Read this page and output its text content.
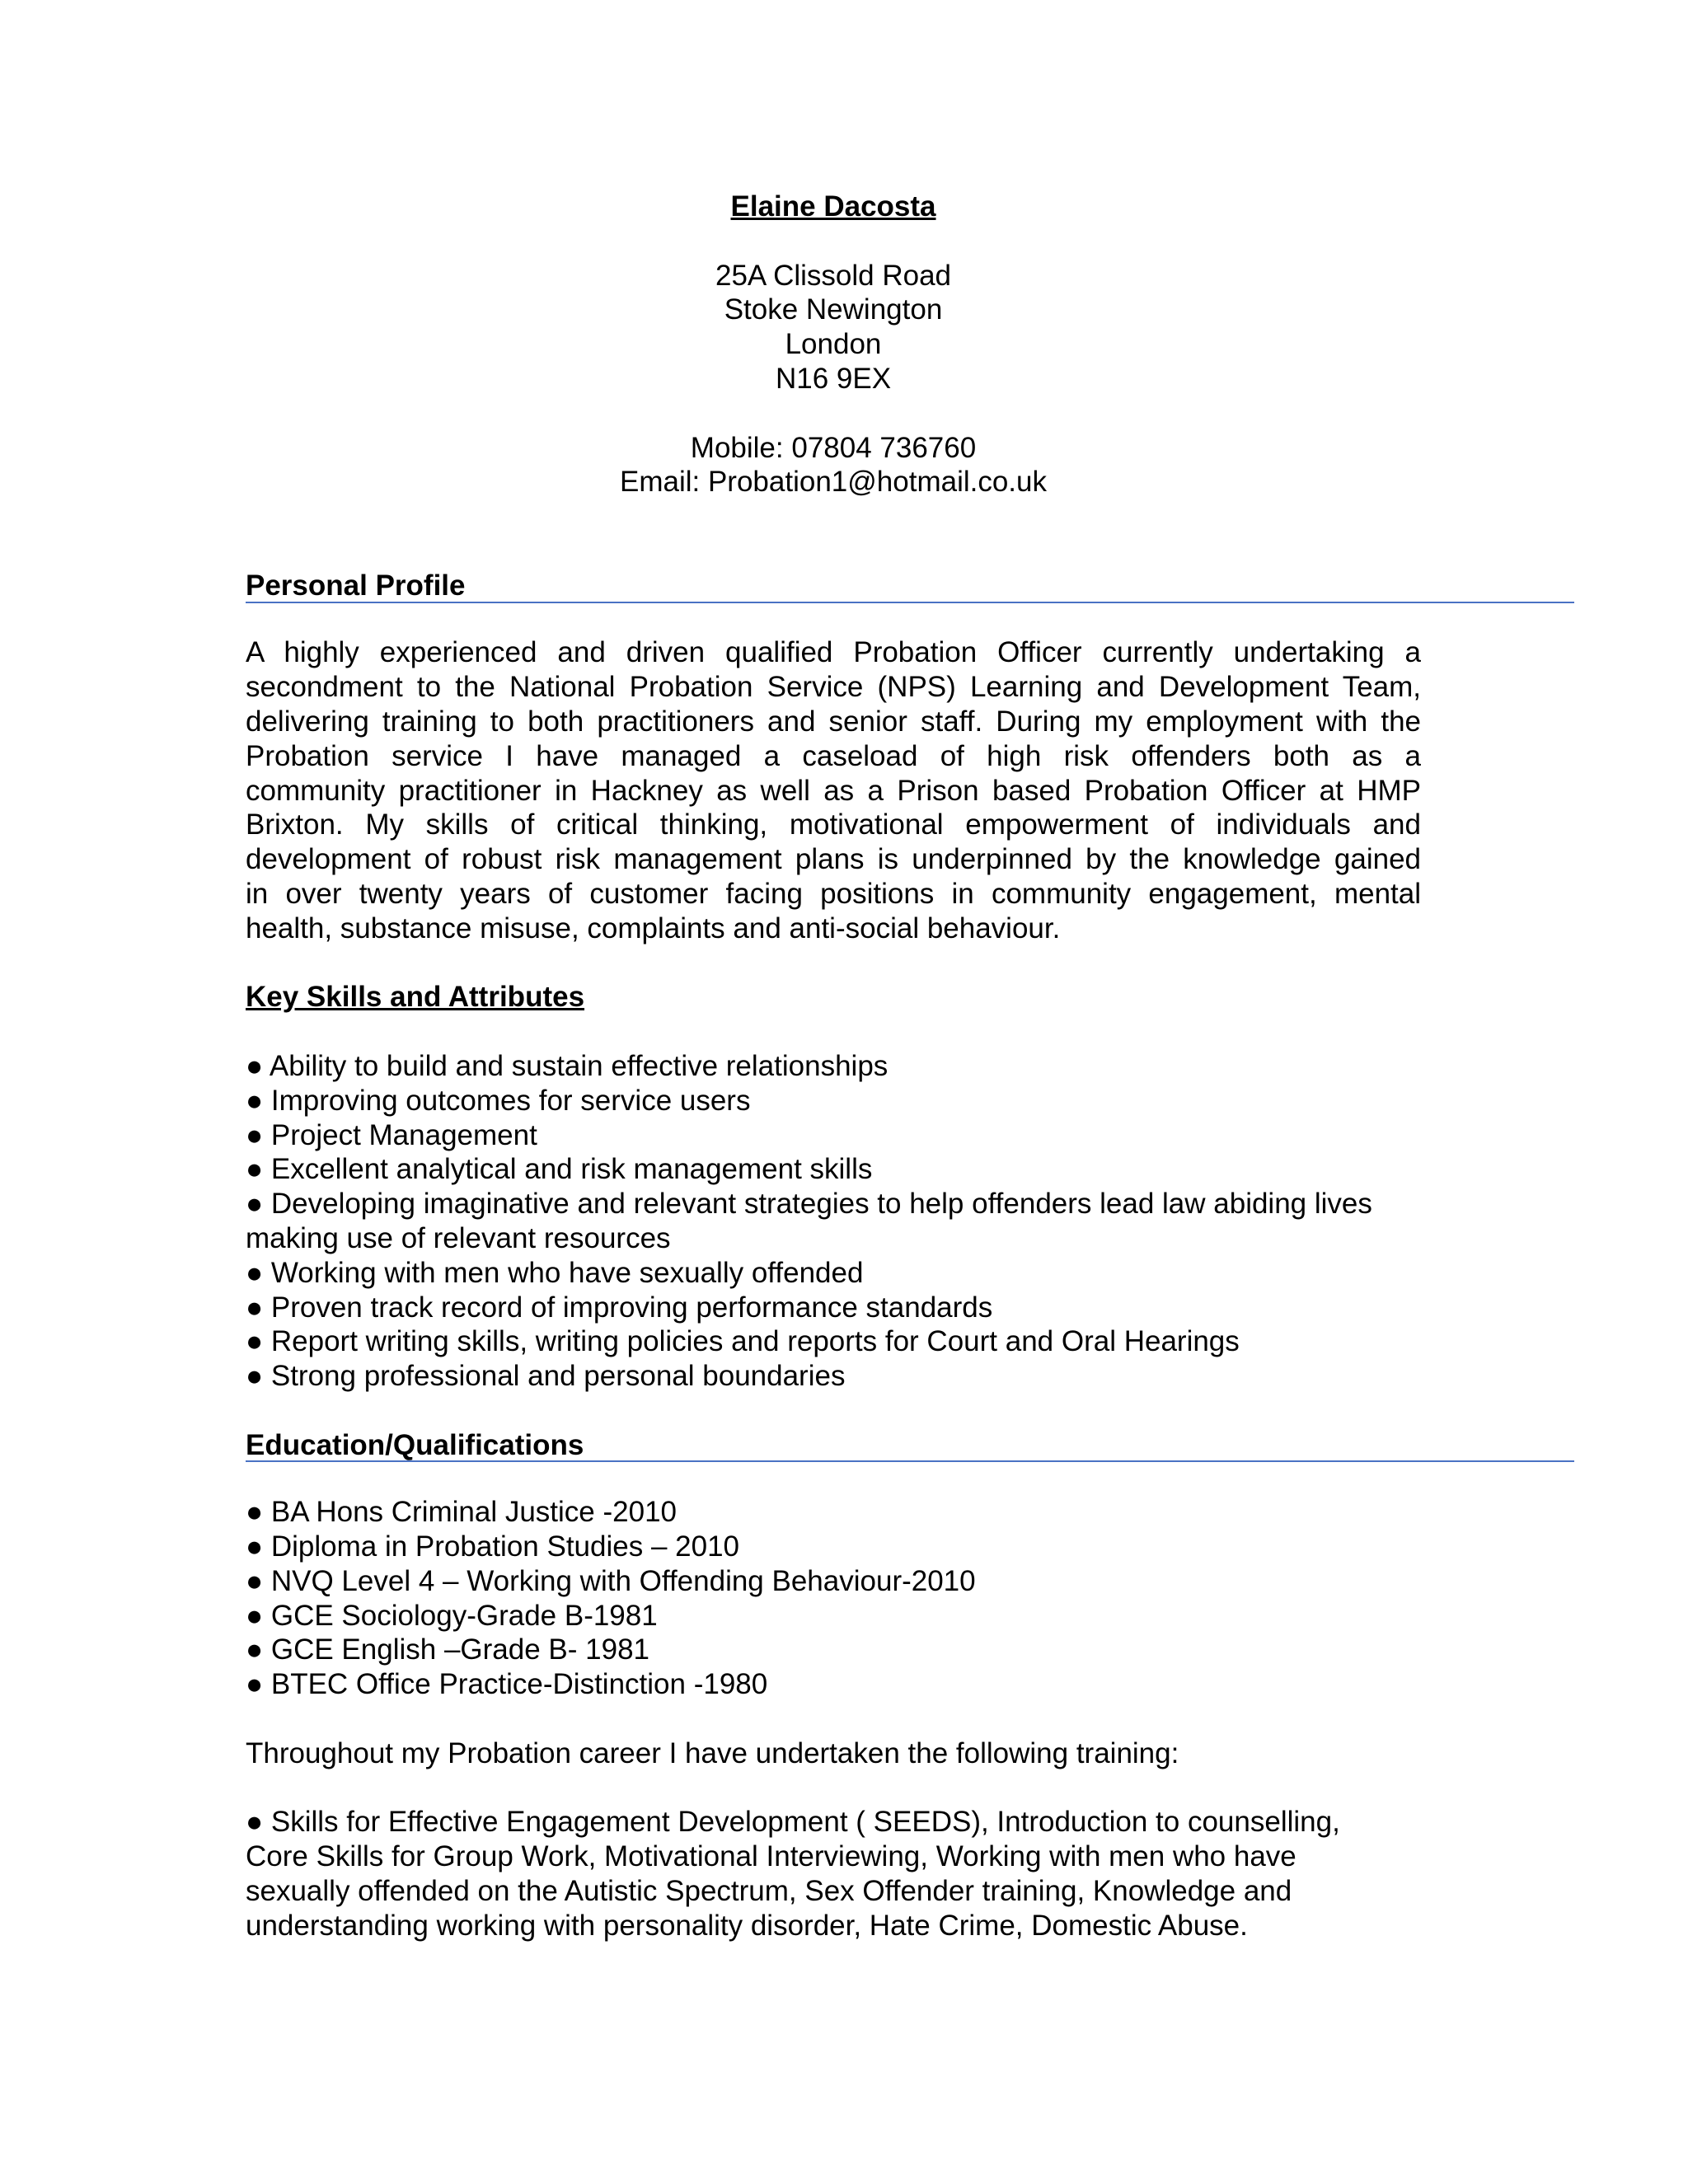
Elaine Dacosta
25A Clissold Road
Stoke Newington
London
N16 9EX
Mobile: 07804 736760
Email: Probation1@hotmail.co.uk
Personal Profile
A highly experienced and driven qualified Probation Officer currently undertaking a
secondment to the National Probation Service (NPS) Learning and Development Team,
delivering training to both practitioners and senior staff. During my employment with the
Probation service I have managed a caseload of high risk offenders both as a
community practitioner in Hackney as well as a Prison based Probation Officer at HMP
Brixton. My skills of critical thinking, motivational empowerment of individuals and
development of robust risk management plans is underpinned by the knowledge gained
in over twenty years of customer facing positions in community engagement, mental
health, substance misuse, complaints and anti-social behaviour.
Key Skills and Attributes
● Ability to build and sustain effective relationships
● Improving outcomes for service users
● Project Management
● Excellent analytical and risk management skills
● Developing imaginative and relevant strategies to help offenders lead law abiding lives
making use of relevant resources
● Working with men who have sexually offended
● Proven track record of improving performance standards
● Report writing skills, writing policies and reports for Court and Oral Hearings
● Strong professional and personal boundaries
Education/Qualifications
● BA Hons Criminal Justice -2010
● Diploma in Probation Studies – 2010
● NVQ Level 4 – Working with Offending Behaviour-2010
● GCE Sociology-Grade B-1981
● GCE English –Grade B- 1981
● BTEC Office Practice-Distinction -1980
Throughout my Probation career I have undertaken the following training:
● Skills for Effective Engagement Development ( SEEDS), Introduction to counselling,
Core Skills for Group Work, Motivational Interviewing, Working with men who have
sexually offended on the Autistic Spectrum, Sex Offender training, Knowledge and
understanding working with personality disorder, Hate Crime, Domestic Abuse.
